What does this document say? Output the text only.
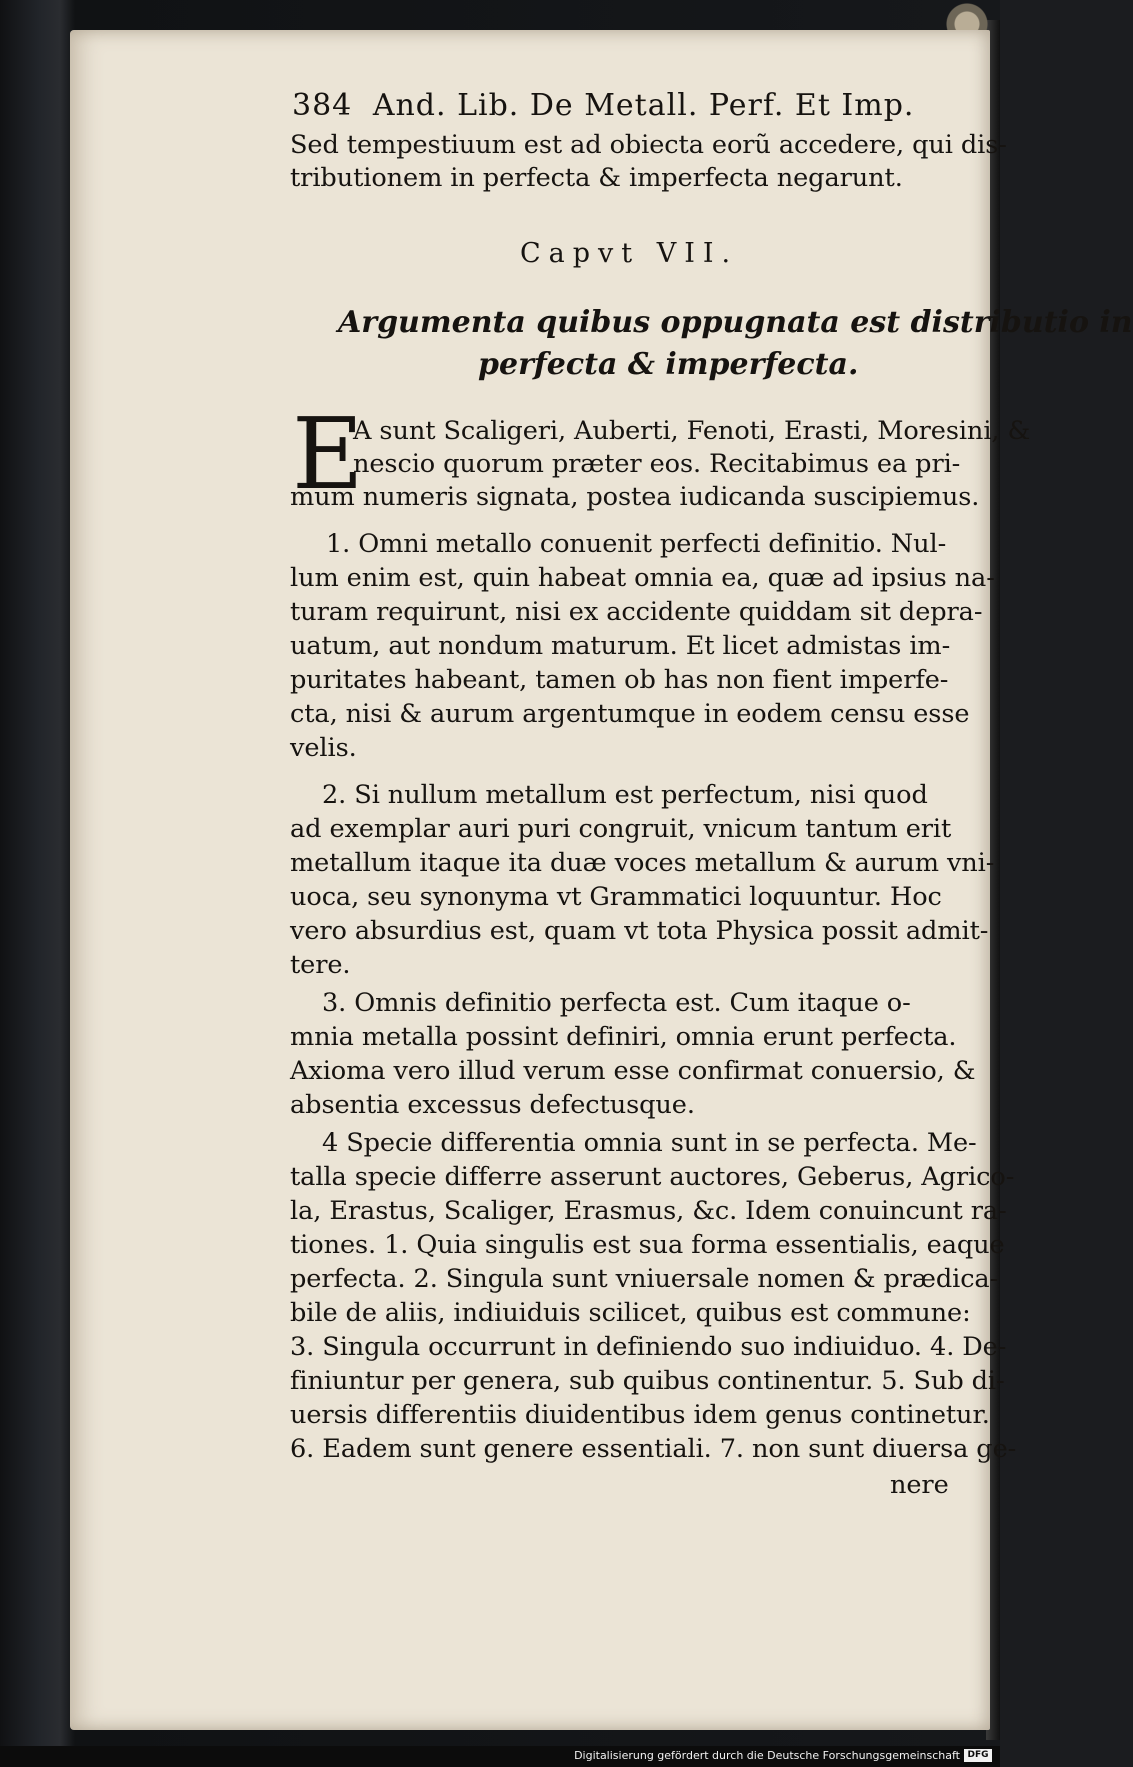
384 And. Lib. De Metall. Perf. Et Imp.
Sed tempestiuum est ad obiecta eorũ accedere, qui dis-
tributionem in perfecta & imperfecta negarunt.
Capvt VII.
Argumenta quibus oppugnata est distributio in
perfecta & imperfecta.
E
A sunt Scaligeri, Auberti, Fenoti, Erasti, Moresini, &
nescio quorum præter eos. Recitabimus ea pri-
mum numeris signata, postea iudicanda suscipiemus.
1. Omni metallo conuenit perfecti definitio. Nul-
lum enim est, quin habeat omnia ea, quæ ad ipsius na-
turam requirunt, nisi ex accidente quiddam sit depra-
uatum, aut nondum maturum. Et licet admistas im-
puritates habeant, tamen ob has non fient imperfe-
cta, nisi & aurum argentumque in eodem censu esse
velis.
2. Si nullum metallum est perfectum, nisi quod
ad exemplar auri puri congruit, vnicum tantum erit
metallum itaque ita duæ voces metallum & aurum vni-
uoca, seu synonyma vt Grammatici loquuntur. Hoc
vero absurdius est, quam vt tota Physica possit admit-
tere.
3. Omnis definitio perfecta est. Cum itaque o-
mnia metalla possint definiri, omnia erunt perfecta.
Axioma vero illud verum esse confirmat conuersio, &
absentia excessus defectusque.
4 Specie differentia omnia sunt in se perfecta. Me-
talla specie differre asserunt auctores, Geberus, Agrico-
la, Erastus, Scaliger, Erasmus, &c. Idem conuincunt ra-
tiones. 1. Quia singulis est sua forma essentialis, eaque
perfecta. 2. Singula sunt vniuersale nomen & prædica-
bile de aliis, indiuiduis scilicet, quibus est commune:
3. Singula occurrunt in definiendo suo indiuiduo. 4. De-
finiuntur per genera, sub quibus continentur. 5. Sub di-
uersis differentiis diuidentibus idem genus continetur.
6. Eadem sunt genere essentiali. 7. non sunt diuersa ge-
nere
Digitalisierung gefördert durch die Deutsche Forschungsgemeinschaft DFG
